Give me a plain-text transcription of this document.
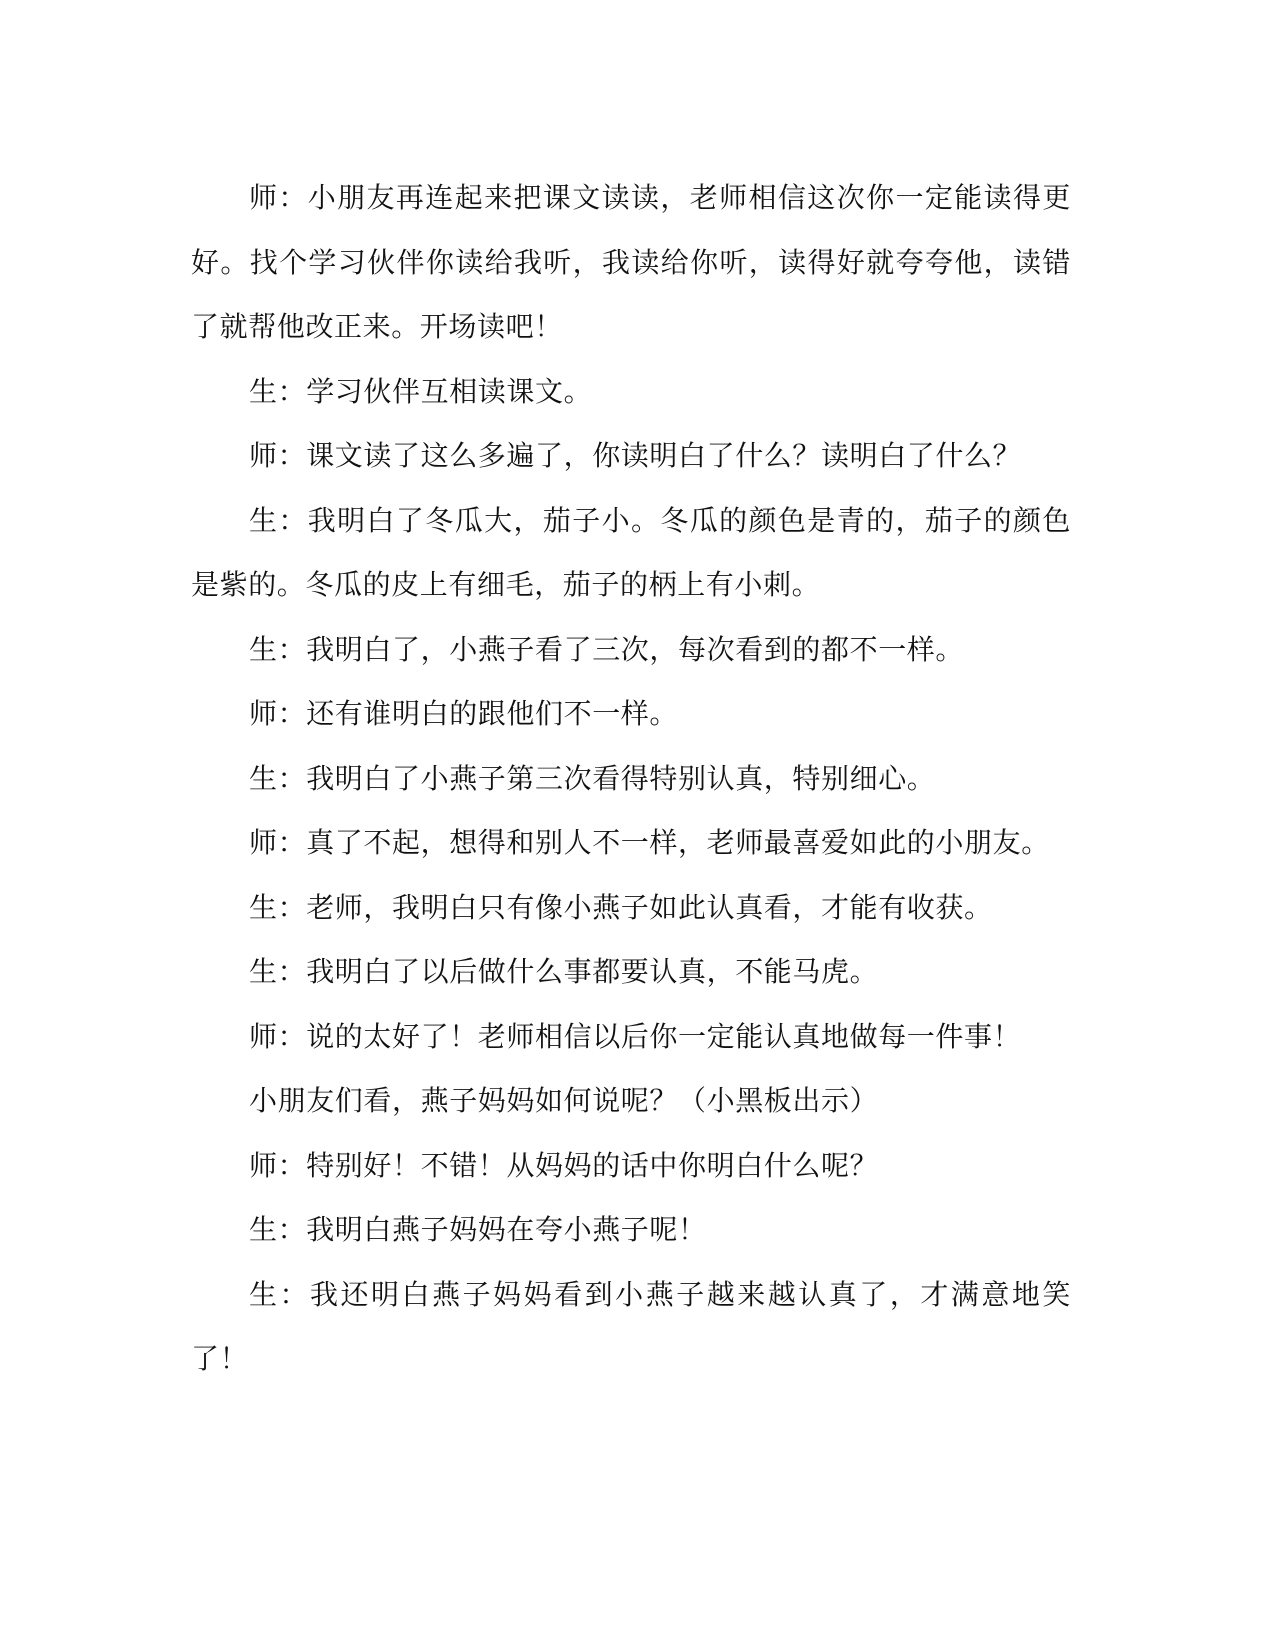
师：小朋友再连起来把课文读读，老师相信这次你一定能读得更好。找个学习伙伴你读给我听，我读给你听，读得好就夸夸他，读错了就帮他改正来。开场读吧！

生：学习伙伴互相读课文。

师：课文读了这么多遍了，你读明白了什么？读明白了什么？

生：我明白了冬瓜大，茄子小。冬瓜的颜色是青的，茄子的颜色是紫的。冬瓜的皮上有细毛，茄子的柄上有小刺。

生：我明白了，小燕子看了三次，每次看到的都不一样。

师：还有谁明白的跟他们不一样。

生：我明白了小燕子第三次看得特别认真，特别细心。

师：真了不起，想得和别人不一样，老师最喜爱如此的小朋友。

生：老师，我明白只有像小燕子如此认真看，才能有收获。

生：我明白了以后做什么事都要认真，不能马虎。

师：说的太好了！老师相信以后你一定能认真地做每一件事！

小朋友们看，燕子妈妈如何说呢？（小黑板出示）

师：特别好！不错！从妈妈的话中你明白什么呢？

生：我明白燕子妈妈在夸小燕子呢！

生：我还明白燕子妈妈看到小燕子越来越认真了，才满意地笑了！
